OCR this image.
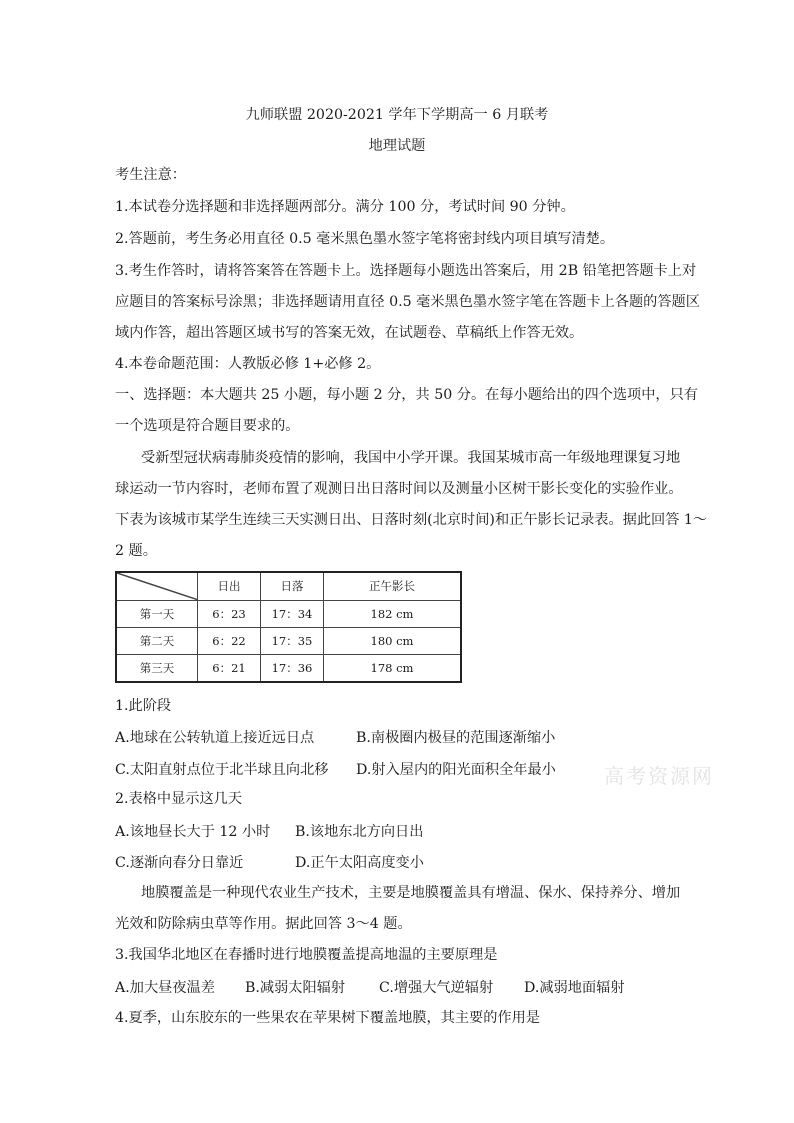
九师联盟 2020-2021 学年下学期高一 6 月联考
地理试题
考生注意：
1.本试卷分选择题和非选择题两部分。满分 100 分，考试时间 90 分钟。
2.答题前，考生务必用直径 0.5 毫米黑色墨水签字笔将密封线内项目填写清楚。
3.考生作答时，请将答案答在答题卡上。选择题每小题选出答案后，用 2B 铅笔把答题卡上对
应题目的答案标号涂黑；非选择题请用直径 0.5 毫米黑色墨水签字笔在答题卡上各题的答题区
域内作答，超出答题区域书写的答案无效，在试题卷、草稿纸上作答无效。
4.本卷命题范围：人教版必修 1+必修 2。
一、选择题：本大题共 25 小题，每小题 2 分，共 50 分。在每小题给出的四个选项中，只有
一个选项是符合题目要求的。
受新型冠状病毒肺炎疫情的影响，我国中小学开课。我国某城市高一年级地理课复习地
球运动一节内容时，老师布置了观测日出日落时间以及测量小区树干影长变化的实验作业。
下表为该城市某学生连续三天实测日出、日落时刻(北京时间)和正午影长记录表。据此回答 1～
2 题。
	日出	日落	正午影长
第一天	6：23	17：34	182 cm
第二天	6：22	17：35	180 cm
第三天	6：21	17：36	178 cm
1.此阶段
A.地球在公转轨道上接近远日点	B.南极圈内极昼的范围逐渐缩小
C.太阳直射点位于北半球且向北移 D.射入屋内的阳光面积全年最小 高考资源网
2.表格中显示这几天
A.该地昼长大于 12 小时 B.该地东北方向日出
C.逐渐向春分日靠近	D.正午太阳高度变小
地膜覆盖是一种现代农业生产技术，主要是地膜覆盖具有增温、保水、保持养分、增加
光效和防除病虫草等作用。据此回答 3～4 题。
3.我国华北地区在春播时进行地膜覆盖提高地温的主要原理是
A.加大昼夜温差 B.减弱太阳辐射 C.增强大气逆辐射 D.减弱地面辐射
4.夏季，山东胶东的一些果农在苹果树下覆盖地膜，其主要的作用是
